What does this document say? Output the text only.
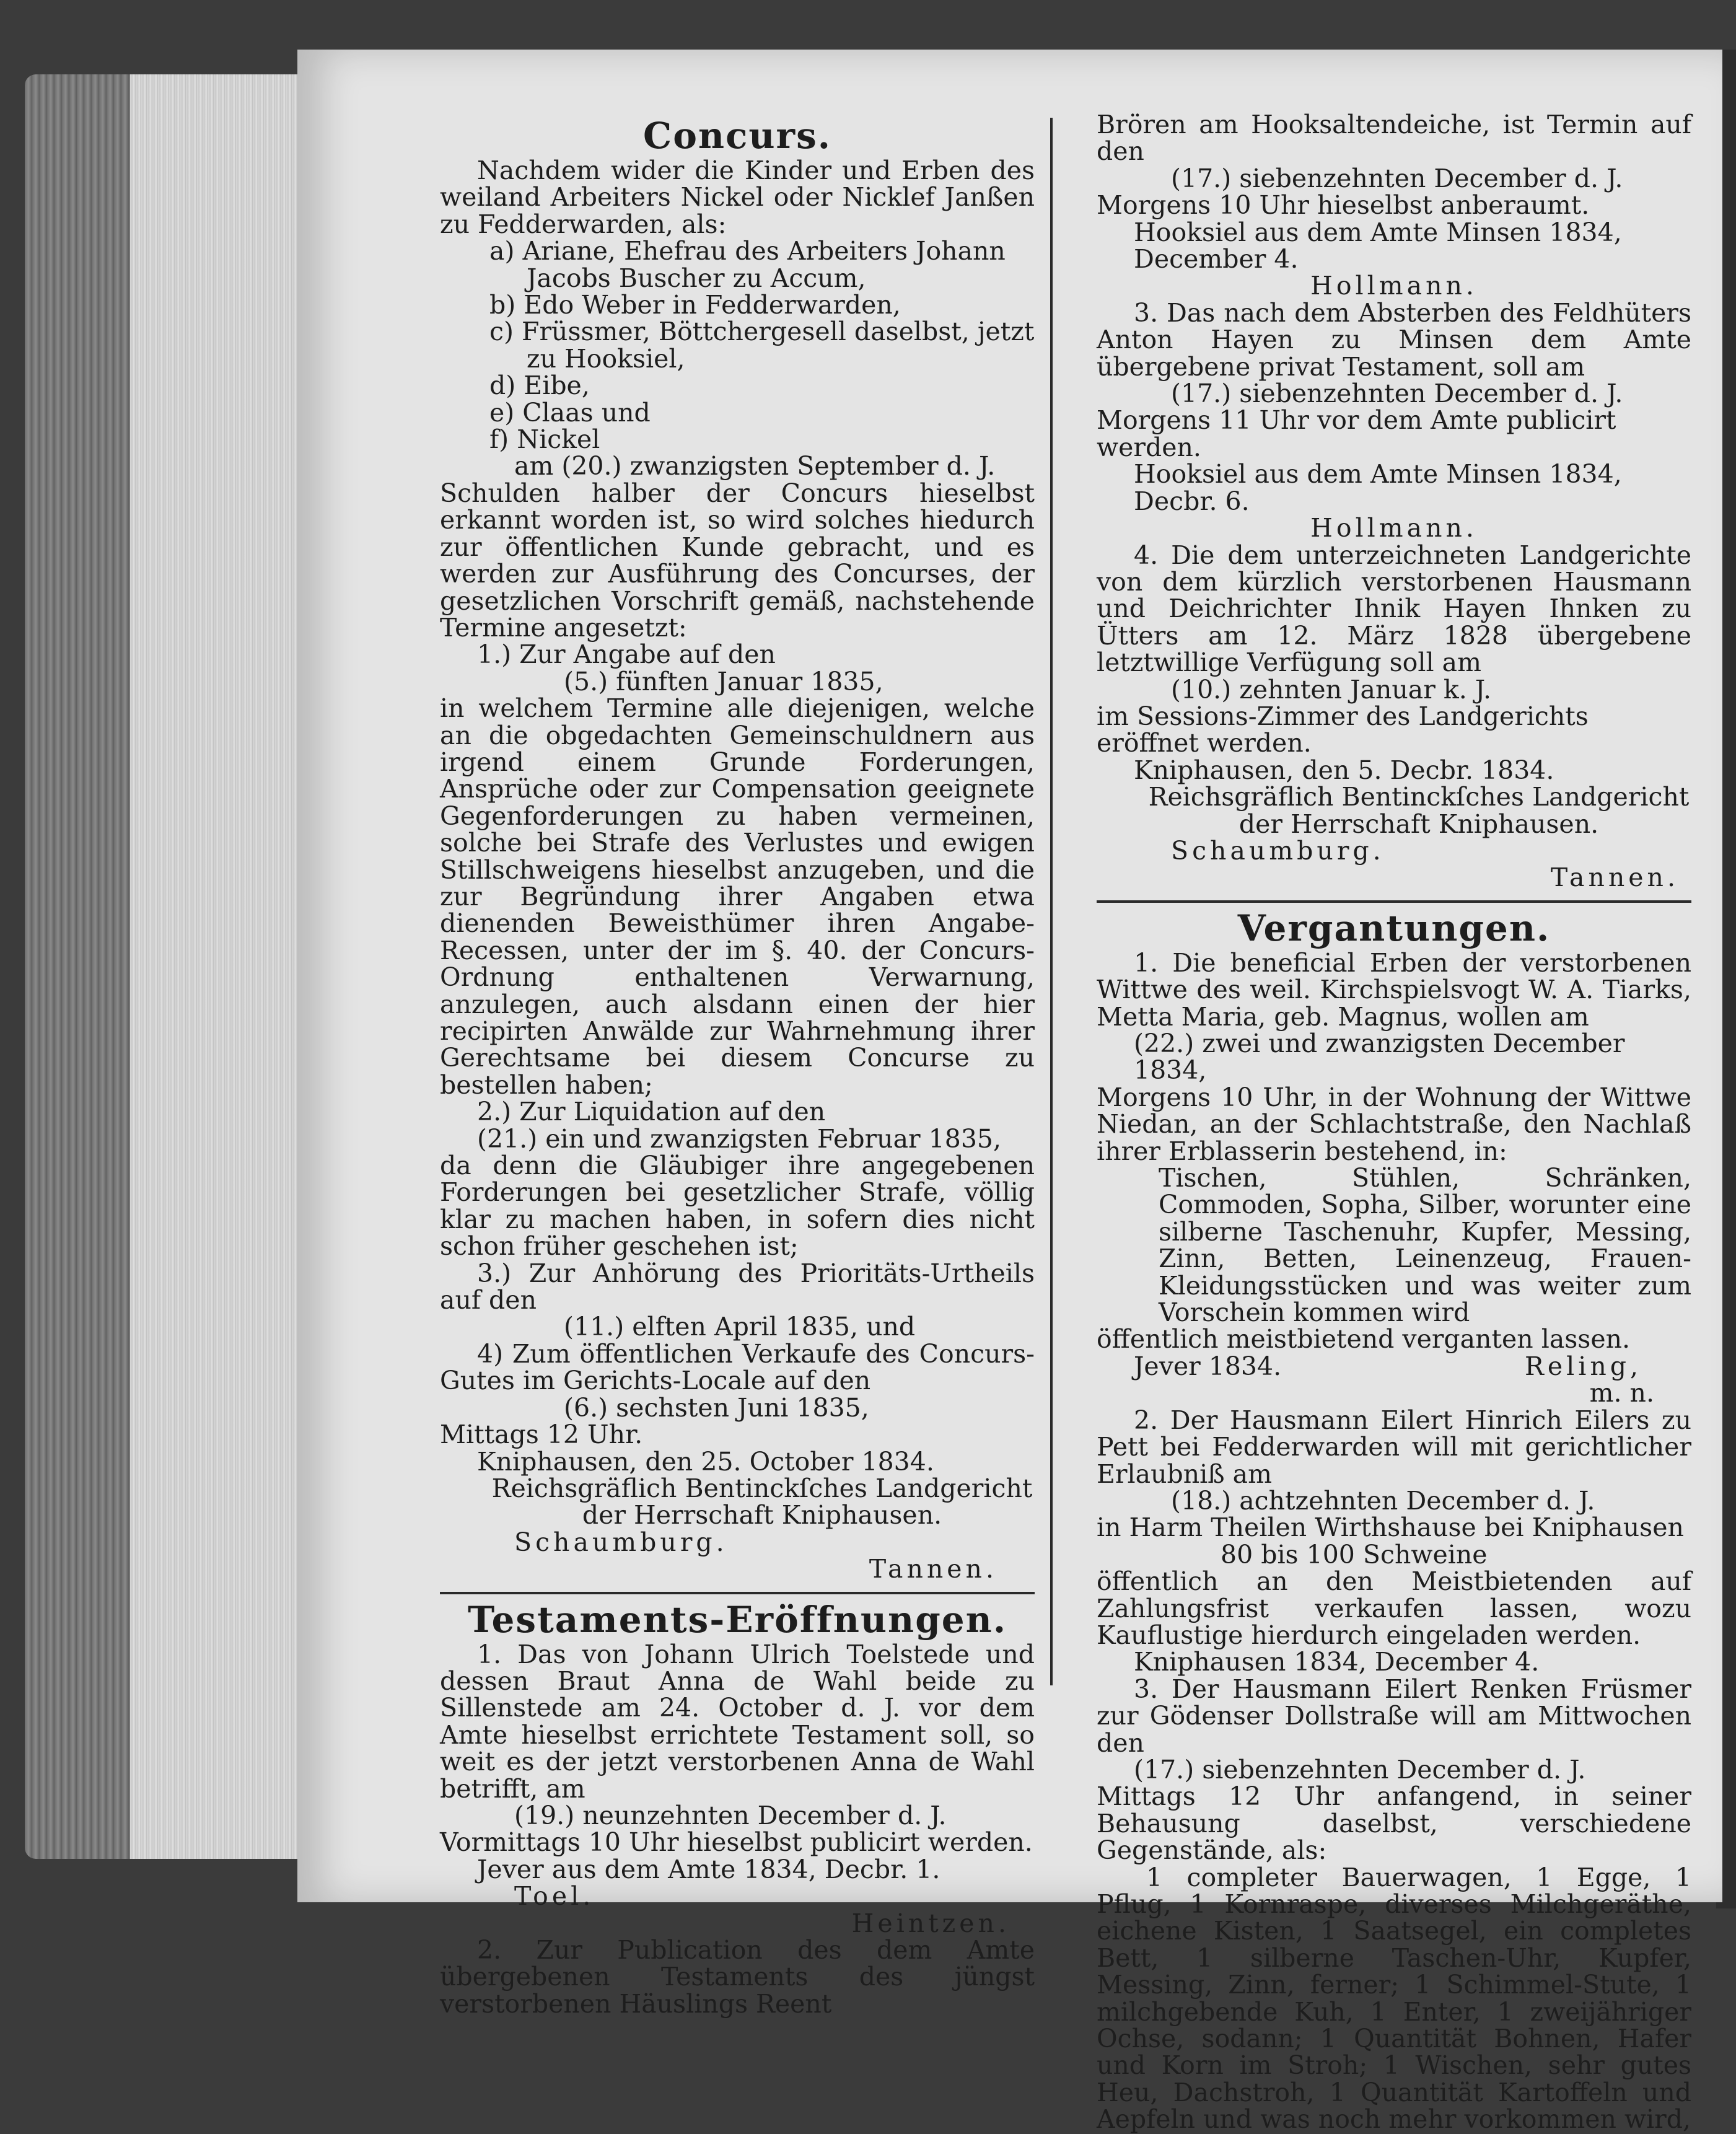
Concurs.
Nachdem wider die Kinder und Erben des weiland Arbeiters Nickel oder Nicklef Janßen zu Fedderwarden, als:
a) Ariane, Ehefrau des Arbeiters Johann Jacobs Buscher zu Accum,
b) Edo Weber in Fedderwarden,
c) Früssmer, Böttchergesell daselbst, jetzt zu Hooksiel,
d) Eibe,
e) Claas und
f) Nickel
am (20.) zwanzigsten September d. J.
Schulden halber der Concurs hieselbst erkannt worden ist, so wird solches hiedurch zur öffentlichen Kunde gebracht, und es werden zur Ausführung des Concurses, der gesetzlichen Vorschrift gemäß, nachstehende Termine angesetzt:
1.) Zur Angabe auf den
(5.) fünften Januar 1835,
in welchem Termine alle diejenigen, welche an die obgedachten Gemeinschuldnern aus irgend einem Grunde Forderungen, Ansprüche oder zur Compensation geeignete Gegenforderungen zu haben vermeinen, solche bei Strafe des Verlustes und ewigen Stillschweigens hieselbst anzugeben, und die zur Begründung ihrer Angaben etwa dienenden Beweisthümer ihren Angabe-Recessen, unter der im §. 40. der Concurs-Ordnung enthaltenen Verwarnung, anzulegen, auch alsdann einen der hier recipirten Anwälde zur Wahrnehmung ihrer Gerechtsame bei diesem Concurse zu bestellen haben;
2.) Zur Liquidation auf den
(21.) ein und zwanzigsten Februar 1835,
da denn die Gläubiger ihre angegebenen Forderungen bei gesetzlicher Strafe, völlig klar zu machen haben, in sofern dies nicht schon früher geschehen ist;
3.) Zur Anhörung des Prioritäts-Urtheils auf den
(11.) elften April 1835, und
4) Zum öffentlichen Verkaufe des Concurs-Gutes im Gerichts-Locale auf den
(6.) sechsten Juni 1835,
Mittags 12 Uhr.
Kniphausen, den 25. October 1834.
Reichsgräflich Bentinckſches Landgericht der Herrschaft Kniphausen.
Schaumburg.
Tannen.
Testaments-Eröffnungen.
1. Das von Johann Ulrich Toelstede und dessen Braut Anna de Wahl beide zu Sillenstede am 24. October d. J. vor dem Amte hieselbst errichtete Testament soll, so weit es der jetzt verstorbenen Anna de Wahl betrifft, am
(19.) neunzehnten December d. J.
Vormittags 10 Uhr hieselbst publicirt werden.
Jever aus dem Amte 1834, Decbr. 1.
Toel.
Heintzen.
2. Zur Publication des dem Amte übergebenen Testaments des jüngst verstorbenen Häuslings Reent
Brören am Hooksaltendeiche, ist Termin auf den
(17.) siebenzehnten December d. J.
Morgens 10 Uhr hieselbst anberaumt.
Hooksiel aus dem Amte Minsen 1834, December 4.
Hollmann.
3. Das nach dem Absterben des Feldhüters Anton Hayen zu Minsen dem Amte übergebene privat Testament, soll am
(17.) siebenzehnten December d. J.
Morgens 11 Uhr vor dem Amte publicirt werden.
Hooksiel aus dem Amte Minsen 1834, Decbr. 6.
Hollmann.
4. Die dem unterzeichneten Landgerichte von dem kürzlich verstorbenen Hausmann und Deichrichter Ihnik Hayen Ihnken zu Ütters am 12. März 1828 übergebene letztwillige Verfügung soll am
(10.) zehnten Januar k. J.
im Sessions-Zimmer des Landgerichts eröffnet werden.
Kniphausen, den 5. Decbr. 1834.
Reichsgräflich Bentinckſches Landgericht der Herrschaft Kniphausen.
Schaumburg.
Tannen.
Vergantungen.
1. Die beneficial Erben der verstorbenen Wittwe des weil. Kirchspielsvogt W. A. Tiarks, Metta Maria, geb. Magnus, wollen am
(22.) zwei und zwanzigsten December 1834,
Morgens 10 Uhr, in der Wohnung der Wittwe Niedan, an der Schlachtstraße, den Nachlaß ihrer Erblasserin bestehend, in:
Tischen, Stühlen, Schränken, Commoden, Sopha, Silber, worunter eine silberne Taschenuhr, Kupfer, Messing, Zinn, Betten, Leinenzeug, Frauen-Kleidungsstücken und was weiter zum Vorschein kommen wird
öffentlich meistbietend verganten lassen.
Jever 1834.	Reling,
m. n.
2. Der Hausmann Eilert Hinrich Eilers zu Pett bei Fedderwarden will mit gerichtlicher Erlaubniß am
(18.) achtzehnten December d. J.
in Harm Theilen Wirthshause bei Kniphausen
80 bis 100 Schweine
öffentlich an den Meistbietenden auf Zahlungsfrist verkaufen lassen, wozu Kauflustige hierdurch eingeladen werden.
Kniphausen 1834, December 4.
3. Der Hausmann Eilert Renken Früsmer zur Gödenser Dollstraße will am Mittwochen den
(17.) siebenzehnten December d. J.
Mittags 12 Uhr anfangend, in seiner Behausung daselbst, verschiedene Gegenstände, als:
1 completer Bauerwagen, 1 Egge, 1 Pflug, 1 Kornraspe, diverses Milchgeräthe, eichene Kisten, 1 Saatsegel, ein completes Bett, 1 silberne Taschen-Uhr, Kupfer, Messing, Zinn, ferner; 1 Schimmel-Stute, 1 milchgebende Kuh, 1 Enter, 1 zweijähriger Ochse, sodann; 1 Quantität Bohnen, Hafer und Korn im Stroh; 1 Wischen, sehr gutes Heu, Dachstroh, 1 Quantität Kartoffeln und Aepfeln und was noch mehr vorkommen wird,
